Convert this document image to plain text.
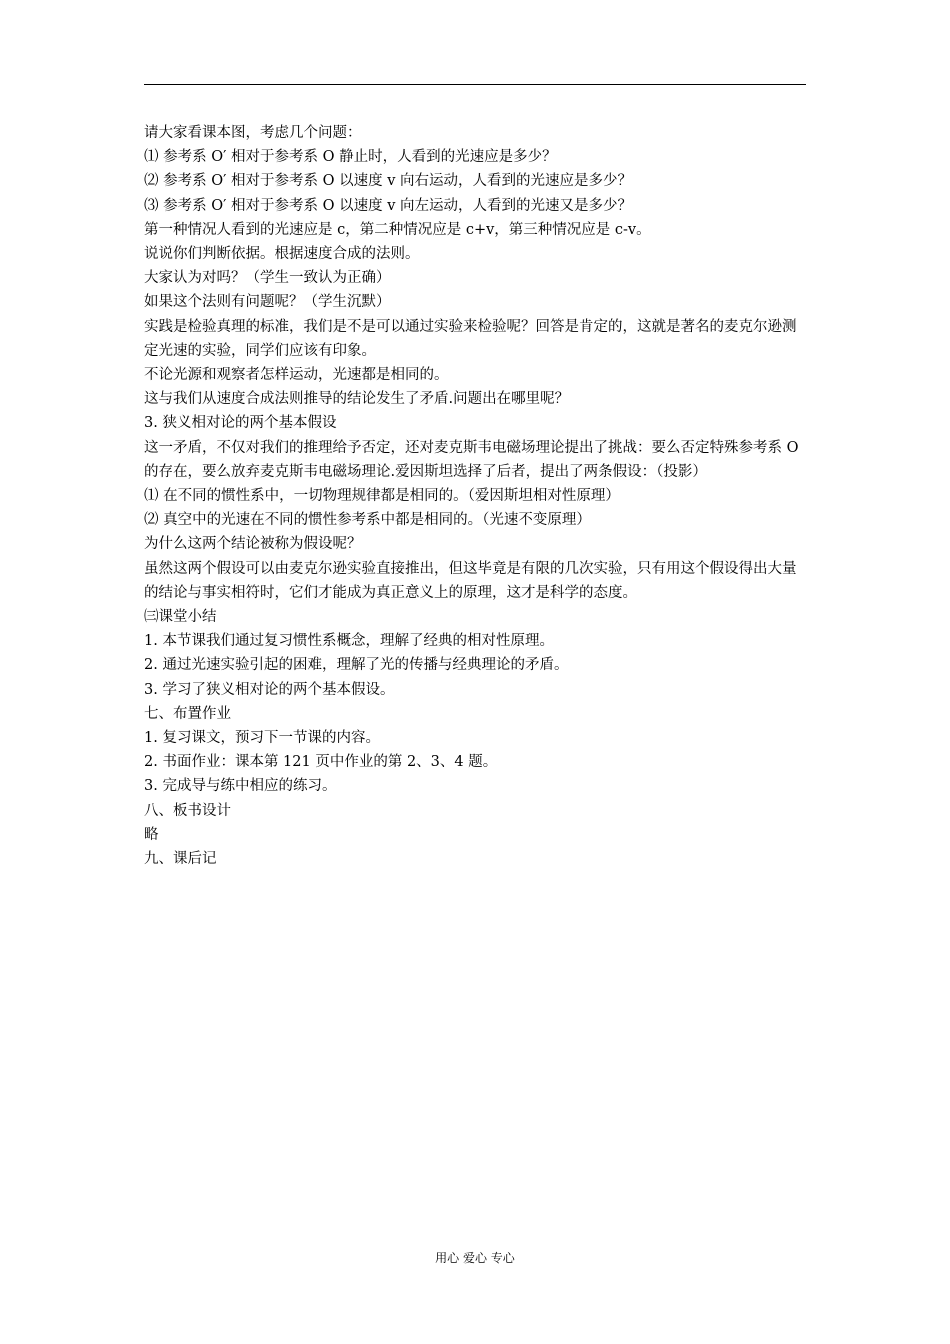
请大家看课本图，考虑几个问题：

⑴ 参考系 O′ 相对于参考系 O 静止时，人看到的光速应是多少？

⑵ 参考系 O′ 相对于参考系 O 以速度 v 向右运动，人看到的光速应是多少？

⑶ 参考系 O′ 相对于参考系 O 以速度 v 向左运动，人看到的光速又是多少？

第一种情况人看到的光速应是 c，第二种情况应是 c+v，第三种情况应是 c-v。

说说你们判断依据。根据速度合成的法则。

大家认为对吗？（学生一致认为正确）

如果这个法则有问题呢？（学生沉默）

实践是检验真理的标准，我们是不是可以通过实验来检验呢？回答是肯定的，这就是著名的麦克尔逊测定光速的实验，同学们应该有印象。

不论光源和观察者怎样运动，光速都是相同的。

这与我们从速度合成法则推导的结论发生了矛盾.问题出在哪里呢？

3. 狭义相对论的两个基本假设

这一矛盾，不仅对我们的推理给予否定，还对麦克斯韦电磁场理论提出了挑战：要么否定特殊参考系 O 的存在，要么放弃麦克斯韦电磁场理论.爱因斯坦选择了后者，提出了两条假设：（投影）

⑴ 在不同的惯性系中，一切物理规律都是相同的。（爱因斯坦相对性原理）

⑵ 真空中的光速在不同的惯性参考系中都是相同的。（光速不变原理）

为什么这两个结论被称为假设呢？

虽然这两个假设可以由麦克尔逊实验直接推出，但这毕竟是有限的几次实验，只有用这个假设得出大量的结论与事实相符时，它们才能成为真正意义上的原理，这才是科学的态度。

㈢课堂小结

1. 本节课我们通过复习惯性系概念，理解了经典的相对性原理。

2. 通过光速实验引起的困难，理解了光的传播与经典理论的矛盾。

3. 学习了狭义相对论的两个基本假设。

七、布置作业

1. 复习课文，预习下一节课的内容。

2. 书面作业：课本第 121 页中作业的第 2、3、4 题。

3. 完成导与练中相应的练习。

八、板书设计

略

九、课后记

用心 爱心 专心
